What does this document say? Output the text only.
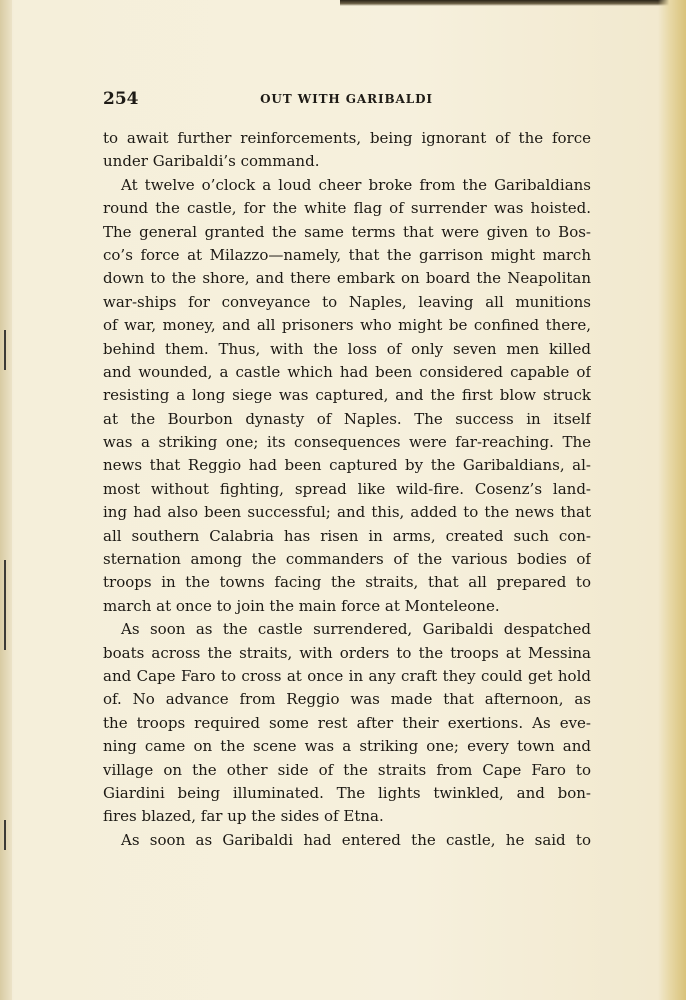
254	OUT WITH GARIBALDI
to await further reinforcements, being ignorant of the force
under Garibaldi’s command.
At twelve o’clock a loud cheer broke from the Garibaldians
round the castle, for the white flag of surrender was hoisted.
The general granted the same terms that were given to Bos-
co’s force at Milazzo—namely, that the garrison might march
down to the shore, and there embark on board the Neapolitan
war-ships for conveyance to Naples, leaving all munitions
of war, money, and all prisoners who might be confined there,
behind them. Thus, with the loss of only seven men killed
and wounded, a castle which had been considered capable of
resisting a long siege was captured, and the first blow struck
at the Bourbon dynasty of Naples. The success in itself
was a striking one; its consequences were far-reaching. The
news that Reggio had been captured by the Garibaldians, al-
most without fighting, spread like wild-fire. Cosenz’s land-
ing had also been successful; and this, added to the news that
all southern Calabria has risen in arms, created such con-
sternation among the commanders of the various bodies of
troops in the towns facing the straits, that all prepared to
march at once to join the main force at Monteleone.
As soon as the castle surrendered, Garibaldi despatched
boats across the straits, with orders to the troops at Messina
and Cape Faro to cross at once in any craft they could get hold
of. No advance from Reggio was made that afternoon, as
the troops required some rest after their exertions. As eve-
ning came on the scene was a striking one; every town and
village on the other side of the straits from Cape Faro to
Giardini being illuminated. The lights twinkled, and bon-
fires blazed, far up the sides of Etna.
As soon as Garibaldi had entered the castle, he said to
